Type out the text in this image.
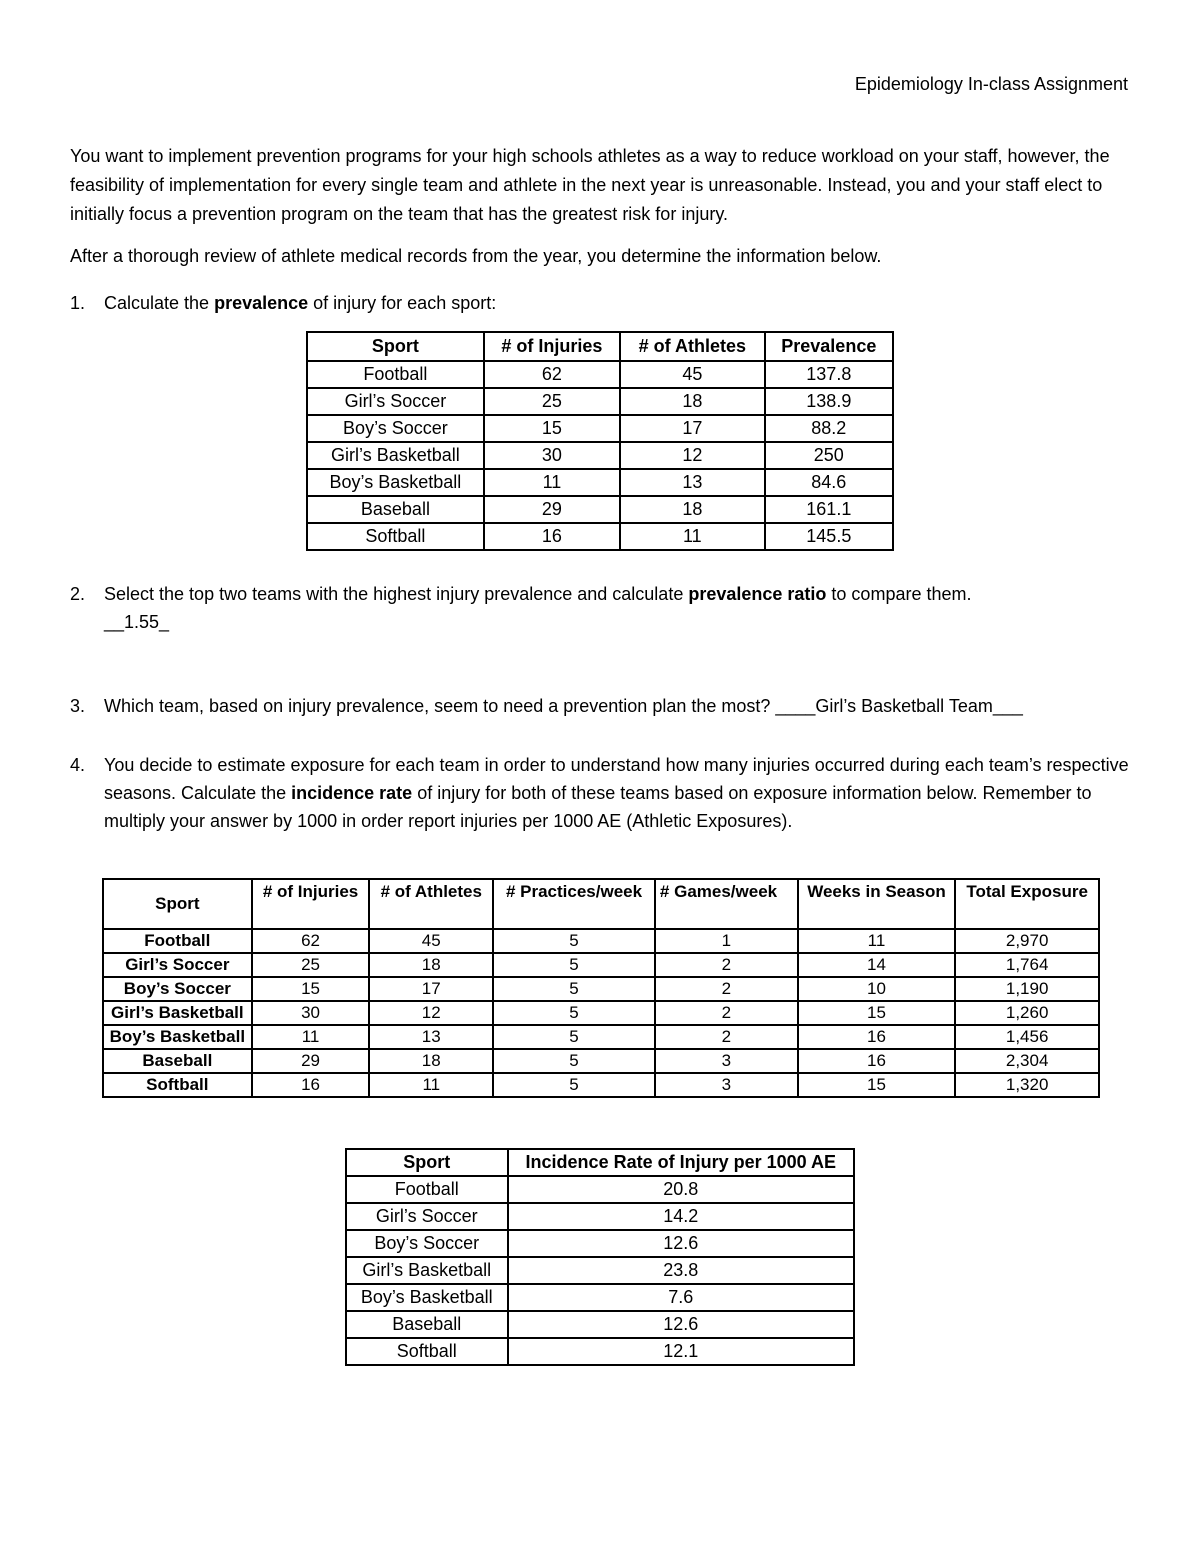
Epidemiology In-class Assignment
You want to implement prevention programs for your high schools athletes as a way to reduce workload on your staff, however, the feasibility of implementation for every single team and athlete in the next year is unreasonable. Instead, you and your staff elect to initially focus a prevention program on the team that has the greatest risk for injury.
After a thorough review of athlete medical records from the year, you determine the information below.
1.	Calculate the prevalence of injury for each sport:
Sport	# of Injuries	# of Athletes	Prevalence
Football	62	45	137.8
Girl’s Soccer	25	18	138.9
Boy’s Soccer	15	17	88.2
Girl’s Basketball	30	12	250
Boy’s Basketball	11	13	84.6
Baseball	29	18	161.1
Softball	16	11	145.5
2.	Select the top two teams with the highest injury prevalence and calculate prevalence ratio to compare them.
__1.55_
3.	Which team, based on injury prevalence, seem to need a prevention plan the most? ____Girl’s Basketball Team___
4.	You decide to estimate exposure for each team in order to understand how many injuries occurred during each team’s respective seasons. Calculate the incidence rate of injury for both of these teams based on exposure information below. Remember to multiply your answer by 1000 in order report injuries per 1000 AE (Athletic Exposures).
Sport	# of Injuries	# of Athletes	# Practices/week	# Games/week	Weeks in Season	Total Exposure
Football	62	45	5	1	11	2,970
Girl’s Soccer	25	18	5	2	14	1,764
Boy’s Soccer	15	17	5	2	10	1,190
Girl’s Basketball	30	12	5	2	15	1,260
Boy’s Basketball	11	13	5	2	16	1,456
Baseball	29	18	5	3	16	2,304
Softball	16	11	5	3	15	1,320
Sport	Incidence Rate of Injury per 1000 AE
Football	20.8
Girl’s Soccer	14.2
Boy’s Soccer	12.6
Girl’s Basketball	23.8
Boy’s Basketball	7.6
Baseball	12.6
Softball	12.1
